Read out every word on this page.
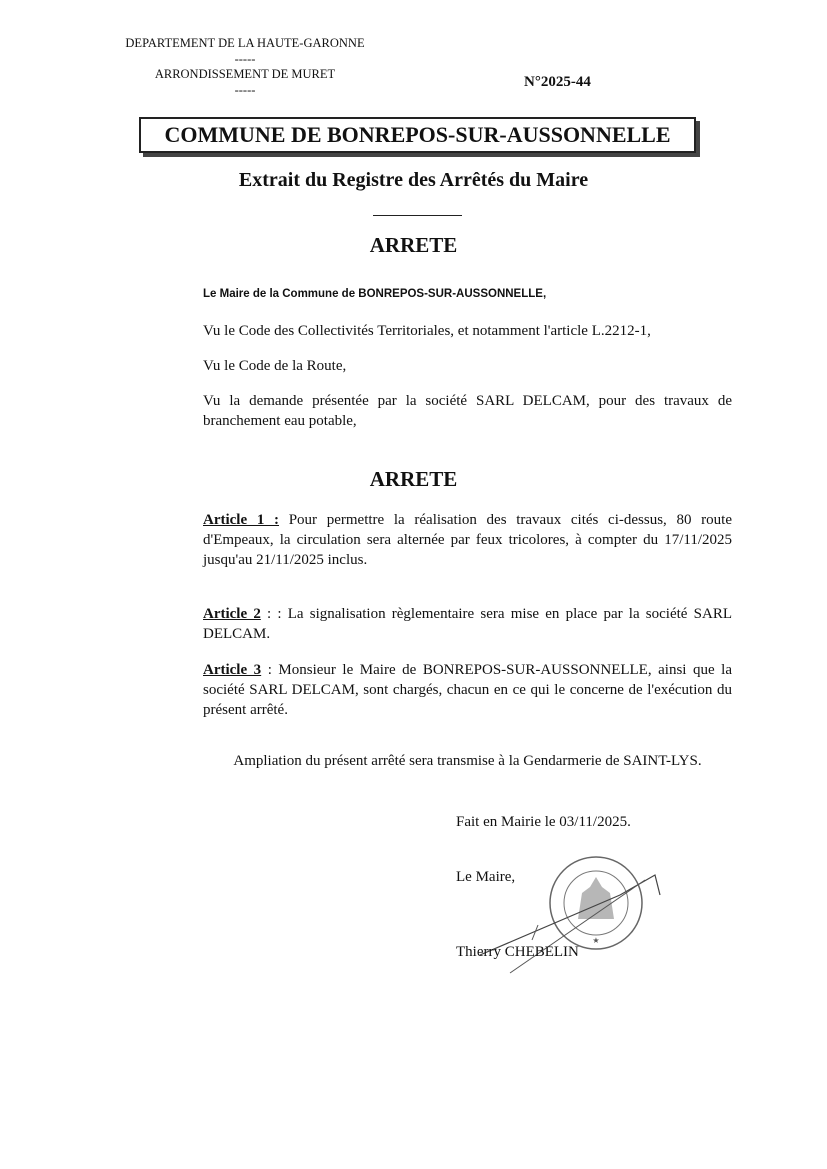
DEPARTEMENT DE LA HAUTE-GARONNE
-----
ARRONDISSEMENT DE MURET
-----	N°2025-44
COMMUNE DE BONREPOS-SUR-AUSSONNELLE
Extrait du Registre des Arrêtés du Maire
ARRETE
Le Maire de la Commune de BONREPOS-SUR-AUSSONNELLE,
Vu le Code des Collectivités Territoriales, et notamment l'article L.2212-1,
Vu le Code de la Route,
Vu la demande présentée par la société SARL DELCAM, pour des travaux de branchement eau potable,
ARRETE
Article 1 : Pour permettre la réalisation des travaux cités ci-dessus, 80 route d'Empeaux, la circulation sera alternée par feux tricolores, à compter du 17/11/2025 jusqu'au 21/11/2025 inclus.
Article 2 : : La signalisation règlementaire sera mise en place par la société SARL DELCAM.
Article 3 : Monsieur le Maire de BONREPOS-SUR-AUSSONNELLE, ainsi que la société SARL DELCAM, sont chargés, chacun en ce qui le concerne de l'exécution du présent arrêté.
Ampliation du présent arrêté sera transmise à la Gendarmerie de SAINT-LYS.
Fait en Mairie le 03/11/2025.
Le Maire,
★
Thierry CHEBELIN
